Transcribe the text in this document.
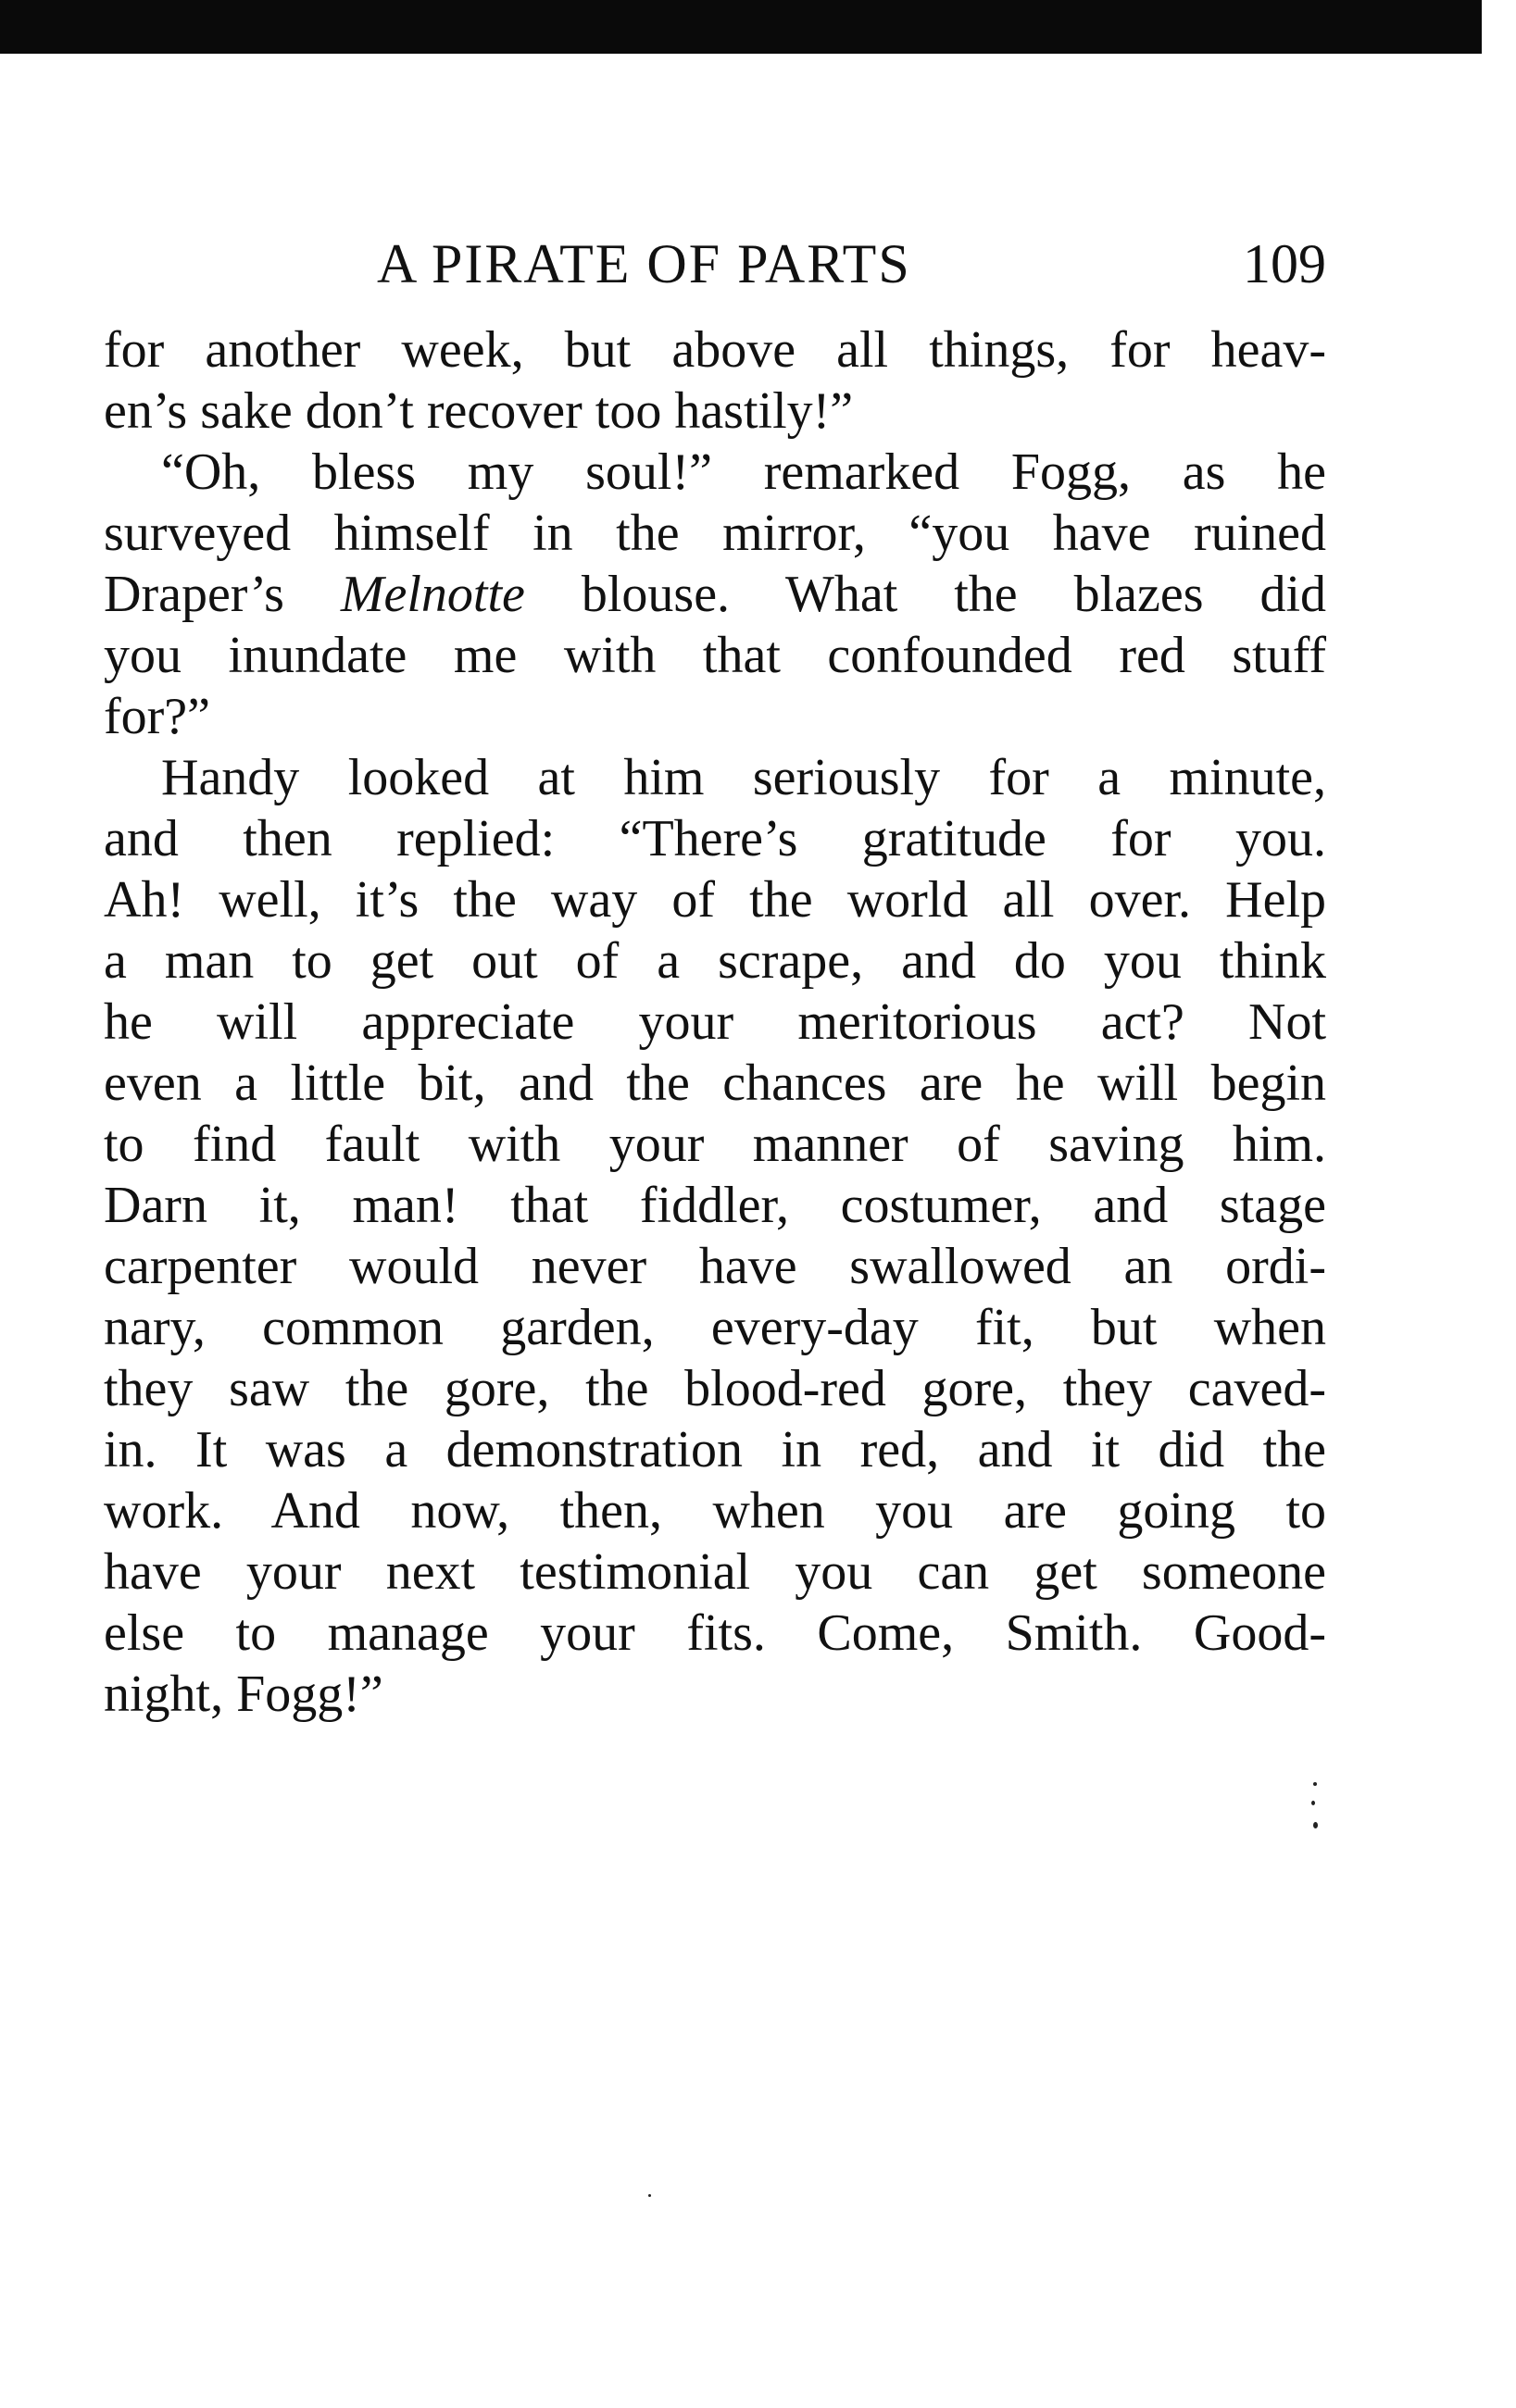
A PIRATE OF PARTS	109
for another week, but above all things, for heav-
en’s sake don’t recover too hastily!”
“Oh, bless my soul!” remarked Fogg, as he
surveyed himself in the mirror, “you have ruined
Draper’s Melnotte blouse. What the blazes did
you inundate me with that confounded red stuff
for?”
Handy looked at him seriously for a minute,
and then replied: “There’s gratitude for you.
Ah! well, it’s the way of the world all over. Help
a man to get out of a scrape, and do you think
he will appreciate your meritorious act? Not
even a little bit, and the chances are he will begin
to find fault with your manner of saving him.
Darn it, man! that fiddler, costumer, and stage
carpenter would never have swallowed an ordi-
nary, common garden, every-day fit, but when
they saw the gore, the blood-red gore, they caved-
in. It was a demonstration in red, and it did the
work. And now, then, when you are going to
have your next testimonial you can get someone
else to manage your fits. Come, Smith. Good-
night, Fogg!”
